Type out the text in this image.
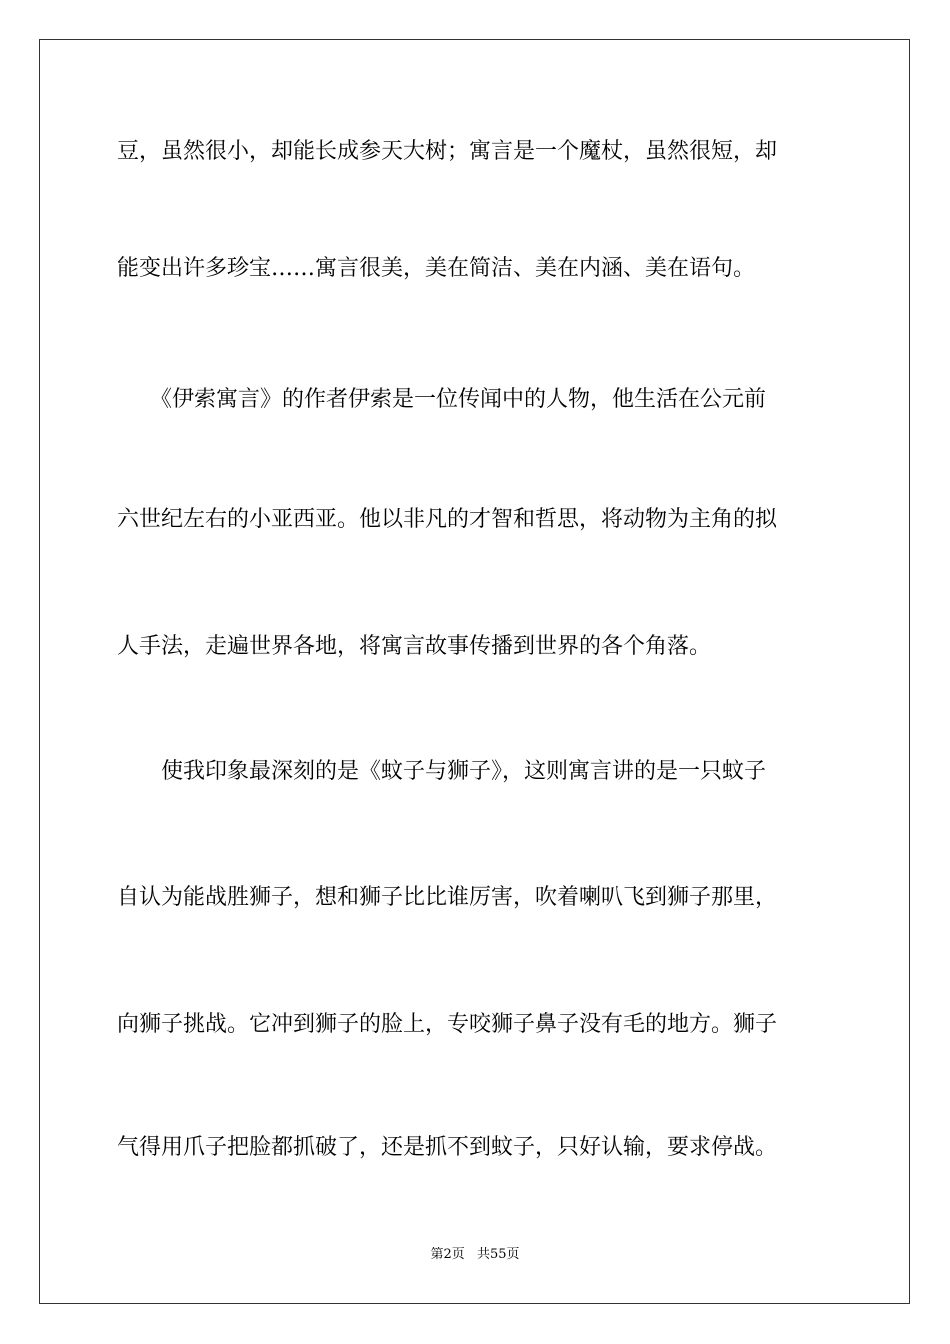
豆，虽然很小，却能长成参天大树；寓言是一个魔杖，虽然很短，却
能变出许多珍宝……寓言很美，美在简洁、美在内涵、美在语句。
　　《伊索寓言》的作者伊索是一位传闻中的人物，他生活在公元前
六世纪左右的小亚西亚。他以非凡的才智和哲思，将动物为主角的拟
人手法，走遍世界各地，将寓言故事传播到世界的各个角落。
　　使我印象最深刻的是《蚊子与狮子》，这则寓言讲的是一只蚊子
自认为能战胜狮子，想和狮子比比谁厉害，吹着喇叭飞到狮子那里，
向狮子挑战。它冲到狮子的脸上，专咬狮子鼻子没有毛的地方。狮子
气得用爪子把脸都抓破了，还是抓不到蚊子，只好认输，要求停战。
第2页 共55页
